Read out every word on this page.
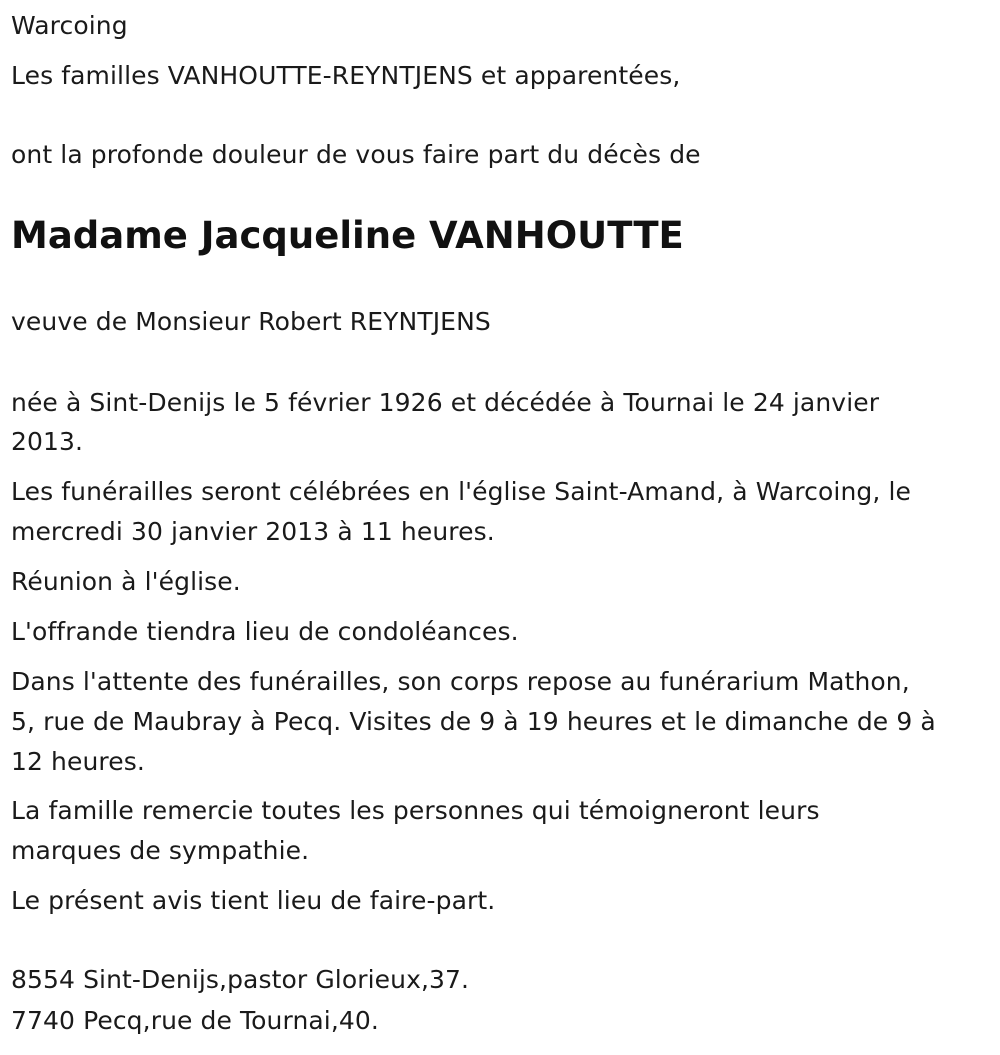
Warcoing
Les familles VANHOUTTE-REYNTJENS et apparentées,
ont la profonde douleur de vous faire part du décès de
Madame Jacqueline VANHOUTTE
veuve de Monsieur Robert REYNTJENS
née à Sint-Denijs le 5 février 1926 et décédée à Tournai le 24 janvier
2013.
Les funérailles seront célébrées en l'église Saint-Amand, à Warcoing, le
mercredi 30 janvier 2013 à 11 heures.
Réunion à l'église.
L'offrande tiendra lieu de condoléances.
Dans l'attente des funérailles, son corps repose au funérarium Mathon,
5, rue de Maubray à Pecq. Visites de 9 à 19 heures et le dimanche de 9 à
12 heures.
La famille remercie toutes les personnes qui témoigneront leurs
marques de sympathie.
Le présent avis tient lieu de faire-part.
8554 Sint-Denijs,pastor Glorieux,37.
7740 Pecq,rue de Tournai,40.
